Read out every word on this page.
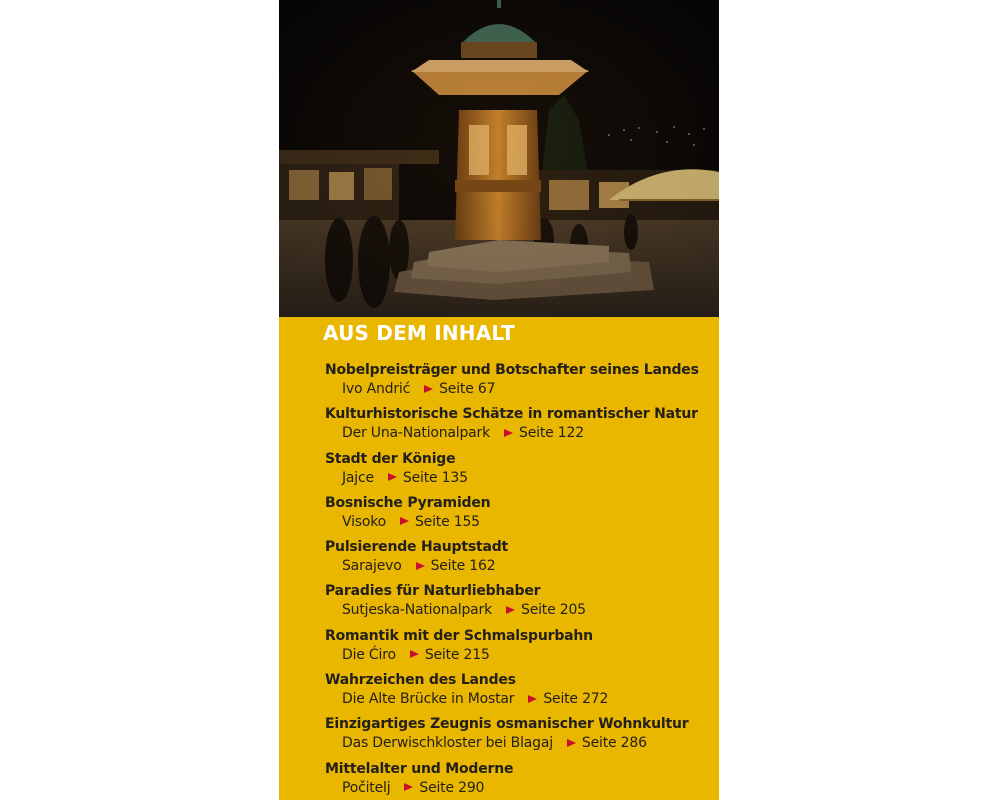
AUS DEM INHALT
Nobelpreisträger und Botschafter seines Landes
Ivo Andrić Seite 67
Kulturhistorische Schätze in romantischer Natur
Der Una-Nationalpark Seite 122
Stadt der Könige
Jajce Seite 135
Bosnische Pyramiden
Visoko Seite 155
Pulsierende Hauptstadt
Sarajevo Seite 162
Paradies für Naturliebhaber
Sutjeska-Nationalpark Seite 205
Romantik mit der Schmalspurbahn
Die Ćiro Seite 215
Wahrzeichen des Landes
Die Alte Brücke in Mostar Seite 272
Einzigartiges Zeugnis osmanischer Wohnkultur
Das Derwischkloster bei Blagaj Seite 286
Mittelalter und Moderne
Počitelj Seite 290
